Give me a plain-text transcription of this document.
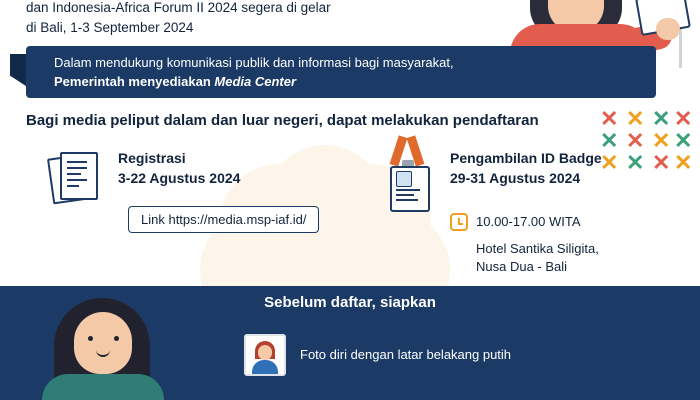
✕ ✕ ✕ ✕
✕ ✕ ✕ ✕
✕ ✕ ✕ ✕
dan Indonesia-Africa Forum II 2024 segera di gelar
di Bali, 1-3 September 2024
Dalam mendukung komunikasi publik dan informasi bagi masyarakat,
Pemerintah menyediakan Media Center
Bagi media peliput dalam dan luar negeri, dapat melakukan pendaftaran
Registrasi
3-22 Agustus 2024
Link https://media.msp-iaf.id/
Pengambilan ID Badge
29-31 Agustus 2024
10.00-17.00 WITA
Hotel Santika Siligita,
Nusa Dua - Bali
Sebelum daftar, siapkan
Foto diri dengan latar belakang putih
